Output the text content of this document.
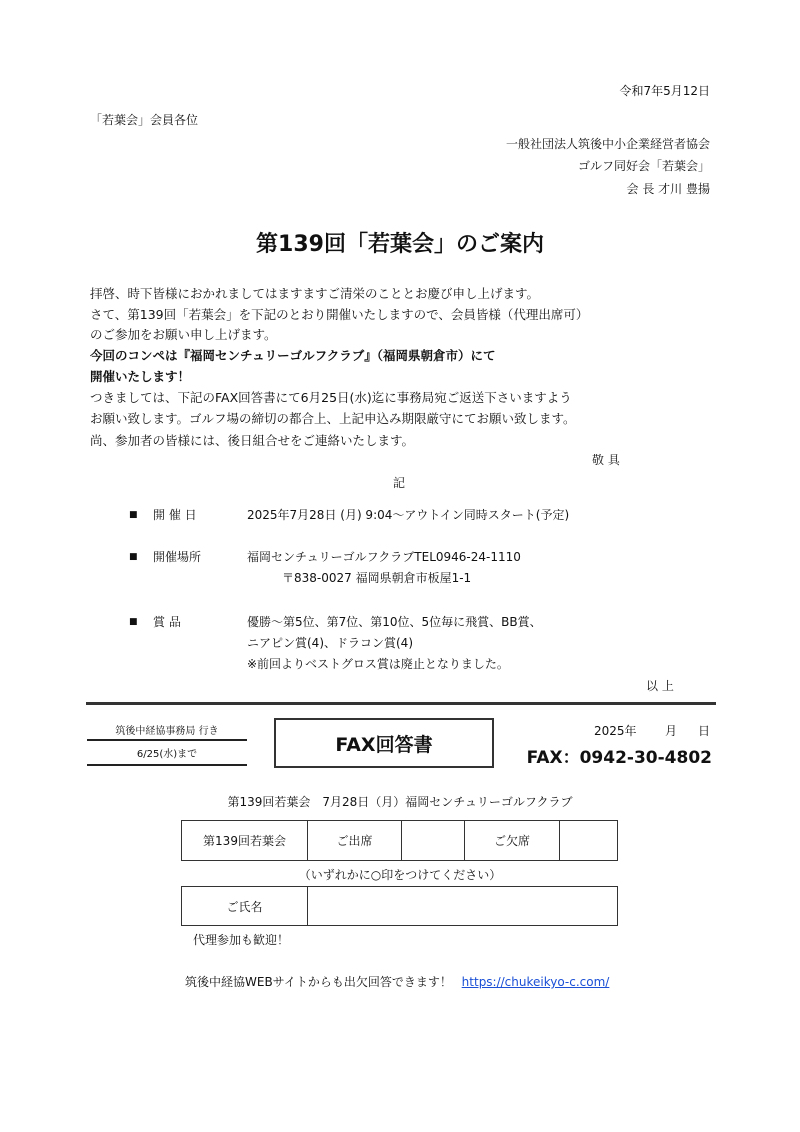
令和7年5月12日
「若葉会」会員各位
一般社団法人筑後中小企業経営者協会
ゴルフ同好会「若葉会」
会 長 才川 豊揚
第139回「若葉会」のご案内
拝啓、時下皆様におかれましてはますますご清栄のこととお慶び申し上げます。
さて、第139回「若葉会」を下記のとおり開催いたしますので、会員皆様（代理出席可）
のご参加をお願い申し上げます。
今回のコンペは『福岡センチュリーゴルフクラブ』（福岡県朝倉市）にて
開催いたします！
つきましては、下記のFAX回答書にて6月25日(水)迄に事務局宛ご返送下さいますよう
お願い致します。ゴルフ場の締切の都合上、上記申込み期限厳守にてお願い致します。
尚、参加者の皆様には、後日組合せをご連絡いたします。
敬 具
記
■ 開 催 日	2025年7月28日 (月) 9:04～アウトイン同時スタート(予定)
■ 開催場所	福岡センチュリーゴルフクラブTEL0946-24-1110
〒838-0027 福岡県朝倉市板屋1-1
■ 賞 品	優勝～第5位、第7位、第10位、5位毎に飛賞、BB賞、
ニアピン賞(4)、ドラコン賞(4)
※前回よりベストグロス賞は廃止となりました。
以 上
筑後中経協事務局 行き
6/25(水)まで	FAX回答書
2025年 月 日
FAX：0942-30-4802
第139回若葉会　7月28日（月）福岡センチュリーゴルフクラブ
第139回若葉会	ご出席		ご欠席	
（いずれかに○印をつけてください）
ご氏名	
代理参加も歓迎！
筑後中経協WEBサイトからも出欠回答できます！ https://chukeikyo-c.com/
